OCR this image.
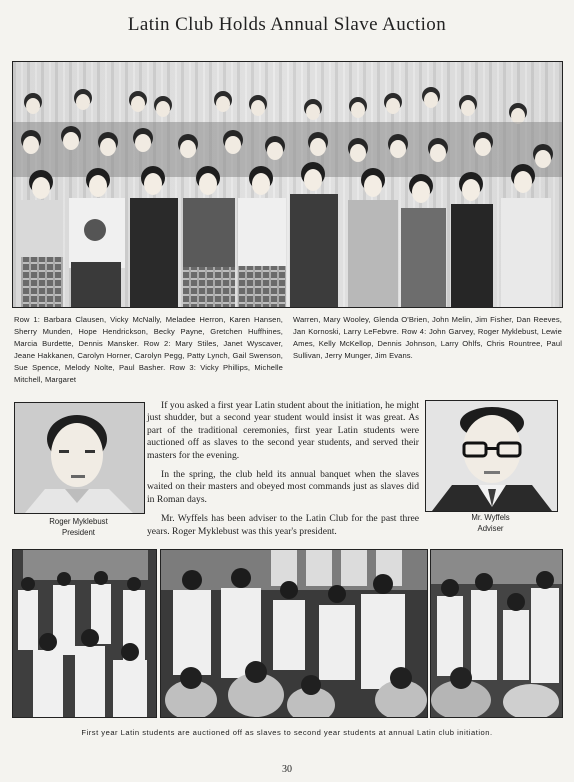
Latin Club Holds Annual Slave Auction

Row 1: Barbara Clausen, Vicky McNally, Meladee Herron, Karen Hansen, Sherry Munden, Hope Hendrickson, Becky Payne, Gretchen Huffhines, Marcia Burdette, Dennis Mansker. Row 2: Mary Stiles, Janet Wyscaver, Jeane Hakkanen, Carolyn Horner, Carolyn Pegg, Patty Lynch, Gail Swenson, Sue Spence, Melody Nolte, Paul Basher. Row 3: Vicky Phillips, Michelle Mitchell, Margaret

Warren, Mary Wooley, Glenda O'Brien, John Melin, Jim Fisher, Dan Reeves, Jan Kornoski, Larry LeFebvre. Row 4: John Garvey, Roger Myklebust, Lewie Ames, Kelly McKellop, Dennis Johnson, Larry Ohlfs, Chris Rountree, Paul Sullivan, Jerry Munger, Jim Evans.

Roger Myklebust
President

If you asked a first year Latin student about the initiation, he might just shudder, but a second year student would insist it was great. As part of the traditional ceremonies, first year Latin students were auctioned off as slaves to the second year students, and served their masters for the evening.

In the spring, the club held its annual banquet when the slaves waited on their masters and obeyed most commands just as slaves did in Roman days.

Mr. Wyffels has been adviser to the Latin Club for the past three years. Roger Myklebust was this year's president.

Mr. Wyffels
Adviser
First year Latin students are auctioned off as slaves to second year students at annual Latin club initiation.
30
